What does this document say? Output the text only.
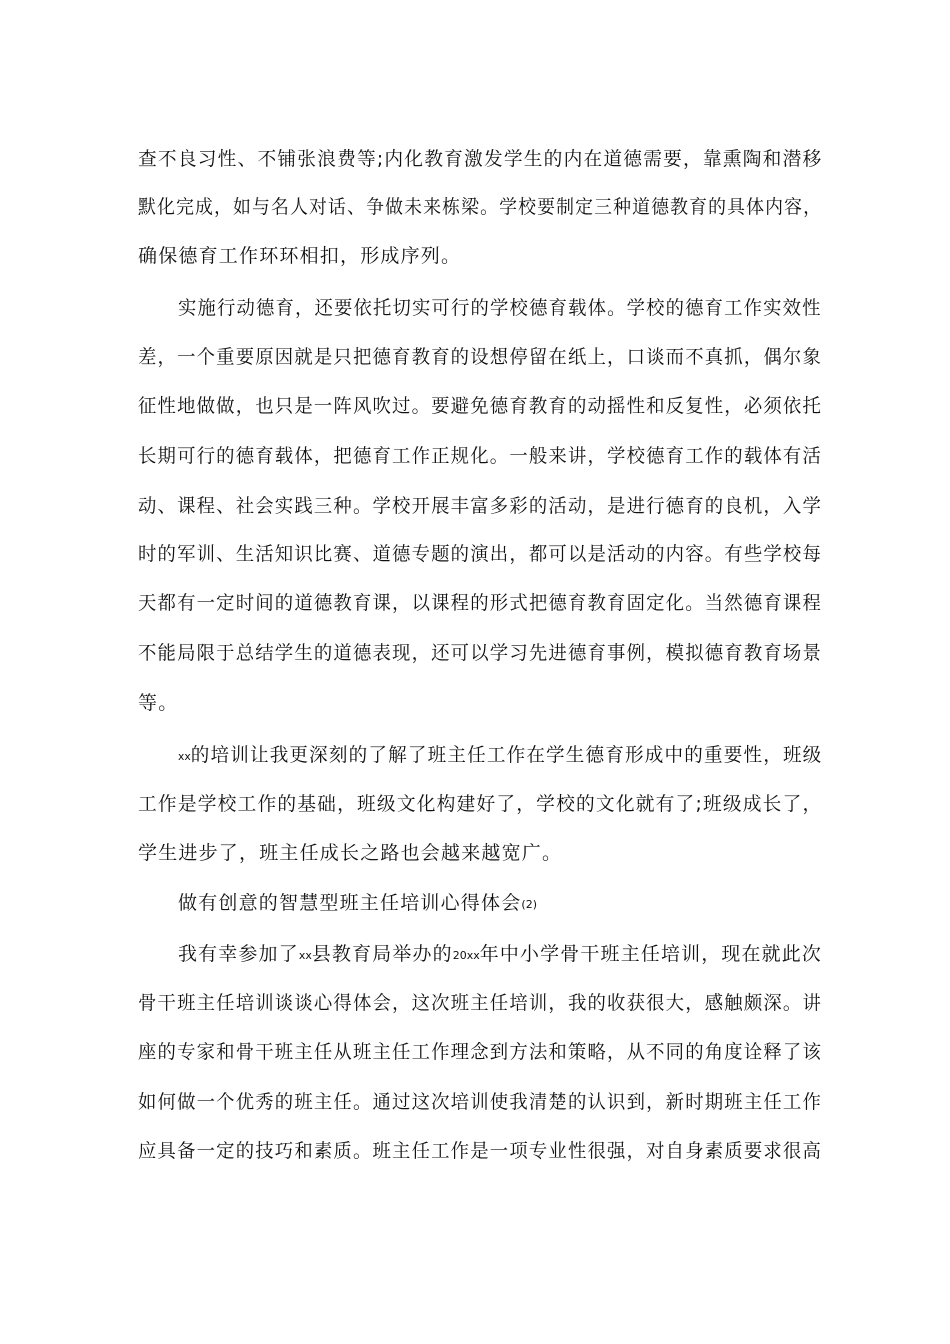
查不良习性、不铺张浪费等;内化教育激发学生的内在道德需要，靠熏陶和潜移
默化完成，如与名人对话、争做未来栋梁。学校要制定三种道德教育的具体内容，
确保德育工作环环相扣，形成序列。
实施行动德育，还要依托切实可行的学校德育载体。学校的德育工作实效性
差，一个重要原因就是只把德育教育的设想停留在纸上，口谈而不真抓，偶尔象
征性地做做，也只是一阵风吹过。要避免德育教育的动摇性和反复性，必须依托
长期可行的德育载体，把德育工作正规化。一般来讲，学校德育工作的载体有活
动、课程、社会实践三种。学校开展丰富多彩的活动，是进行德育的良机，入学
时的军训、生活知识比赛、道德专题的演出，都可以是活动的内容。有些学校每
天都有一定时间的道德教育课，以课程的形式把德育教育固定化。当然德育课程
不能局限于总结学生的道德表现，还可以学习先进德育事例，模拟德育教育场景
等。
xx的培训让我更深刻的了解了班主任工作在学生德育形成中的重要性，班级
工作是学校工作的基础，班级文化构建好了，学校的文化就有了;班级成长了，
学生进步了，班主任成长之路也会越来越宽广。
做有创意的智慧型班主任培训心得体会(2)
我有幸参加了xx县教育局举办的20xx年中小学骨干班主任培训，现在就此次
骨干班主任培训谈谈心得体会，这次班主任培训，我的收获很大，感触颇深。讲
座的专家和骨干班主任从班主任工作理念到方法和策略，从不同的角度诠释了该
如何做一个优秀的班主任。通过这次培训使我清楚的认识到，新时期班主任工作
应具备一定的技巧和素质。班主任工作是一项专业性很强，对自身素质要求很高
